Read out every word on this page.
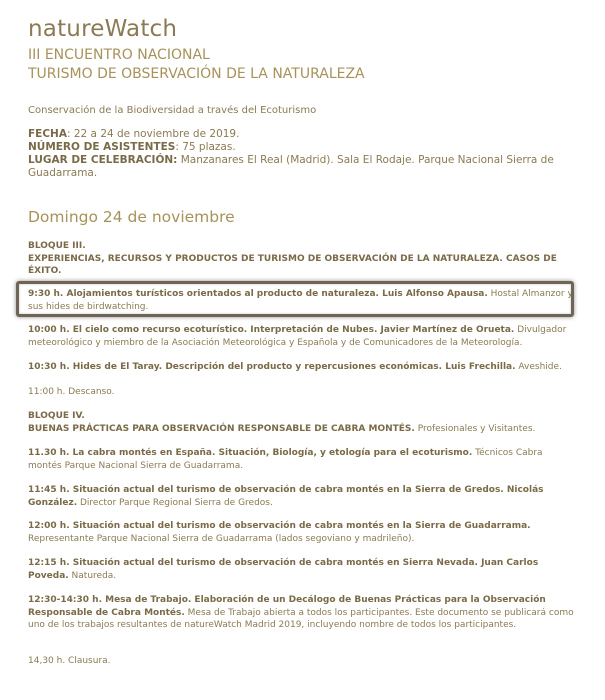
natureWatch
III ENCUENTRO NACIONAL
TURISMO DE OBSERVACIÓN DE LA NATURALEZA
Conservación de la Biodiversidad a través del Ecoturismo
FECHA: 22 a 24 de noviembre de 2019.
NÚMERO DE ASISTENTES: 75 plazas.
LUGAR DE CELEBRACIÓN: Manzanares El Real (Madrid). Sala El Rodaje. Parque Nacional Sierra de Guadarrama.
Domingo 24 de noviembre
BLOQUE III.
EXPERIENCIAS, RECURSOS Y PRODUCTOS DE TURISMO DE OBSERVACIÓN DE LA NATURALEZA. CASOS DE ÉXITO.
9:30 h. Alojamientos turísticos orientados al producto de naturaleza. Luis Alfonso Apausa. Hostal Almanzor y sus hides de birdwatching.
10:00 h. El cielo como recurso ecoturístico. Interpretación de Nubes. Javier Martínez de Orueta. Divulgador meteorológico y miembro de la Asociación Meteorológica y Española y de Comunicadores de la Meteorología.
10:30 h. Hides de El Taray. Descripción del producto y repercusiones económicas. Luis Frechilla. Aveshide.
11:00 h. Descanso.
BLOQUE IV.
BUENAS PRÁCTICAS PARA OBSERVACIÓN RESPONSABLE DE CABRA MONTÉS. Profesionales y Visitantes.
11.30 h. La cabra montés en España. Situación, Biología, y etología para el ecoturismo. Técnicos Cabra montés Parque Nacional Sierra de Guadarrama.
11:45 h. Situación actual del turismo de observación de cabra montés en la Sierra de Gredos. Nicolás González. Director Parque Regional Sierra de Gredos.
12:00 h. Situación actual del turismo de observación de cabra montés en la Sierra de Guadarrama. Representante Parque Nacional Sierra de Guadarrama (lados segoviano y madrileño).
12:15 h. Situación actual del turismo de observación de cabra montés en Sierra Nevada. Juan Carlos Poveda. Natureda.
12:30-14:30 h. Mesa de Trabajo. Elaboración de un Decálogo de Buenas Prácticas para la Observación Responsable de Cabra Montés. Mesa de Trabajo abierta a todos los participantes. Este documento se publicará como uno de los trabajos resultantes de natureWatch Madrid 2019, incluyendo nombre de todos los participantes.
14,30 h. Clausura.
